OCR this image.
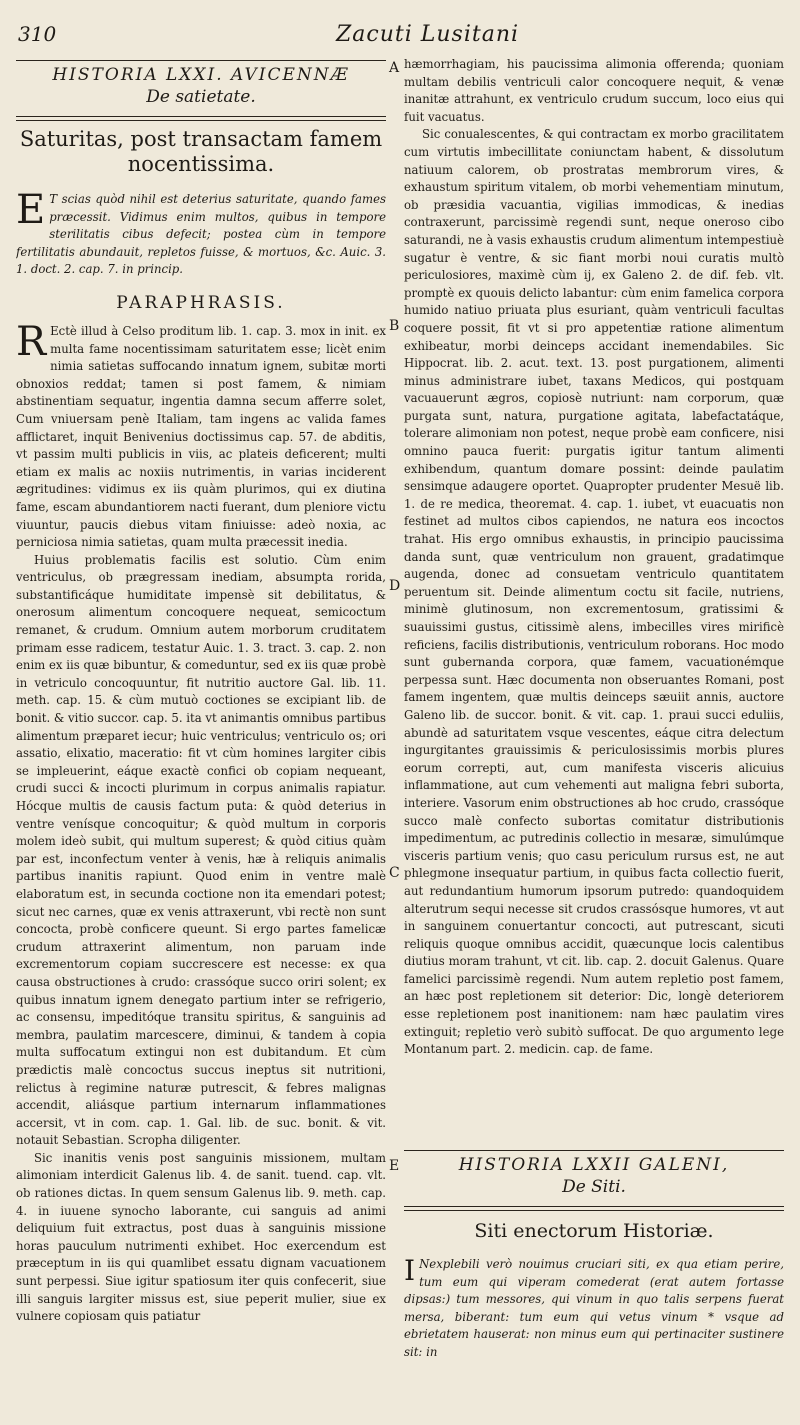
310	Zacuti Lusitani
A
B
D
C
E

HISTORIA LXXI. AVICENNÆ

De satietate.

Saturitas, post transactam famem nocentissima.

E T scias quòd nihil est deterius saturitate, quando fames præcessit. Vidimus enim multos, quibus in tempore sterilitatis cibus defecit; postea cùm in tempore fertilitatis abundauit, repletos fuisse, & mortuos, &c. Auic. 3. 1. doct. 2. cap. 7. in princip.

PARAPHRASIS.

R Ectè illud à Celso proditum lib. 1. cap. 3. mox in init. ex multa fame nocentissimam saturitatem esse; licèt enim nimia satietas suffocando innatum ignem, subitæ morti obnoxios reddat; tamen si post famem, & nimiam abstinentiam sequatur, ingentia damna secum afferre solet, Cum vniuersam penè Italiam, tam ingens ac valida fames afflictaret, inquit Benivenius doctissimus cap. 57. de abditis, vt passim multi publicis in viis, ac plateis deficerent; multi etiam ex malis ac noxiis nutrimentis, in varias inciderent ægritudines: vidimus ex iis quàm plurimos, qui ex diutina fame, escam abundantiorem nacti fuerant, dum pleniore victu viuuntur, paucis diebus vitam finiuisse: adeò noxia, ac perniciosa nimia satietas, quam multa præcessit inedia.

Huius problematis facilis est solutio. Cùm enim ventriculus, ob prægressam inediam, absumpta rorida, substantificáque humiditate impensè sit debilitatus, & onerosum alimentum concoquere nequeat, semicoctum remanet, & crudum. Omnium autem morborum cruditatem primam esse radicem, testatur Auic. 1. 3. tract. 3. cap. 2. non enim ex iis quæ bibuntur, & comeduntur, sed ex iis quæ probè in vetriculo concoquuntur, fit nutritio auctore Gal. lib. 11. meth. cap. 15. & cùm mutuò coctiones se excipiant lib. de bonit. & vitio succor. cap. 5. ita vt animantis omnibus partibus alimentum præparet iecur; huic ventriculus; ventriculo os; ori assatio, elixatio, maceratio: fit vt cùm homines largiter cibis se impleuerint, eáque exactè confici ob copiam nequeant, crudi succi & incocti plurimum in corpus animalis rapiatur. Hócque multis de causis factum puta: & quòd deterius in ventre venísque concoquitur; & quòd multum in corporis molem ideò subit, qui multum superest; & quòd citius quàm par est, inconfectum venter à venis, hæ à reliquis animalis partibus inanitis rapiunt. Quod enim in ventre malè elaboratum est, in secunda coctione non ita emendari potest; sicut nec carnes, quæ ex venis attraxerunt, vbi rectè non sunt concocta, probè conficere queunt. Si ergo partes famelicæ crudum attraxerint alimentum, non paruam inde excrementorum copiam succrescere est necesse: ex qua causa obstructiones à crudo: crassóque succo oriri solent; ex quibus innatum ignem denegato partium inter se refrigerio, ac consensu, impeditóque transitu spiritus, & sanguinis ad membra, paulatim marcescere, diminui, & tandem à copia multa suffocatum extingui non est dubitandum. Et cùm prædictis malè concoctus succus ineptus sit nutritioni, relictus à regimine naturæ putrescit, & febres malignas accendit, aliásque partium internarum inflammationes accersit, vt in com. cap. 1. Gal. lib. de suc. bonit. & vit. notauit Sebastian. Scropha diligenter.

Sic inanitis venis post sanguinis missionem, multam alimoniam interdicit Galenus lib. 4. de sanit. tuend. cap. vlt. ob rationes dictas. In quem sensum Galenus lib. 9. meth. cap. 4. in iuuene synocho laborante, cui sanguis ad animi deliquium fuit extractus, post duas à sanguinis missione horas pauculum nutrimenti exhibet. Hoc exercendum est præceptum in iis qui quamlibet essatu dignam vacuationem sunt perpessi. Siue igitur spatiosum iter quis confecerit, siue illi sanguis largiter missus est, siue peperit mulier, siue ex vulnere copiosam quis patiatur

hæmorrhagiam, his paucissima alimonia offerenda; quoniam multam debilis ventriculi calor concoquere nequit, & venæ inanitæ attrahunt, ex ventriculo crudum succum, loco eius qui fuit vacuatus.

Sic conualescentes, & qui contractam ex morbo gracilitatem cum virtutis imbecillitate coniunctam habent, & dissolutum natiuum calorem, ob prostratas membrorum vires, & exhaustum spiritum vitalem, ob morbi vehementiam minutum, ob præsidia vacuantia, vigilias immodicas, & inedias contraxerunt, parcissimè regendi sunt, neque oneroso cibo saturandi, ne à vasis exhaustis crudum alimentum intempestiuè sugatur è ventre, & sic fiant morbi noui curatis multò periculosiores, maximè cùm ij, ex Galeno 2. de dif. feb. vlt. promptè ex quouis delicto labantur: cùm enim famelica corpora humido natiuo priuata plus esuriant, quàm ventriculi facultas coquere possit, fit vt si pro appetentiæ ratione alimentum exhibeatur, morbi deinceps accidant inemendabiles. Sic Hippocrat. lib. 2. acut. text. 13. post purgationem, alimenti minus administrare iubet, taxans Medicos, qui postquam vacuauerunt ægros, copiosè nutriunt: nam corporum, quæ purgata sunt, natura, purgatione agitata, labefactatáque, tolerare alimoniam non potest, neque probè eam conficere, nisi omnino pauca fuerit: purgatis igitur tantum alimenti exhibendum, quantum domare possint: deinde paulatim sensimque adaugere oportet. Quapropter prudenter Mesuë lib. 1. de re medica, theoremat. 4. cap. 1. iubet, vt euacuatis non festinet ad multos cibos capiendos, ne natura eos incoctos trahat. His ergo omnibus exhaustis, in principio paucissima danda sunt, quæ ventriculum non grauent, gradatimque augenda, donec ad consuetam ventriculo quantitatem peruentum sit. Deinde alimentum coctu sit facile, nutriens, minimè glutinosum, non excrementosum, gratissimi & suauissimi gustus, citissimè alens, imbecilles vires mirificè reficiens, facilis distributionis, ventriculum roborans. Hoc modo sunt gubernanda corpora, quæ famem, vacuationémque perpessa sunt. Hæc documenta non obseruantes Romani, post famem ingentem, quæ multis deinceps sæuiit annis, auctore Galeno lib. de succor. bonit. & vit. cap. 1. praui succi eduliis, abundè ad saturitatem vsque vescentes, eáque citra delectum ingurgitantes grauissimis & periculosissimis morbis plures eorum correpti, aut, cum manifesta visceris alicuius inflammatione, aut cum vehementi aut maligna febri suborta, interiere. Vasorum enim obstructiones ab hoc crudo, crassóque succo malè confecto subortas comitatur distributionis impedimentum, ac putredinis collectio in mesaræ, simulúmque visceris partium venis; quo casu periculum rursus est, ne aut phlegmone insequatur partium, in quibus facta collectio fuerit, aut redundantium humorum ipsorum putredo: quandoquidem alterutrum sequi necesse sit crudos crassósque humores, vt aut in sanguinem conuertantur concocti, aut putrescant, sicuti reliquis quoque omnibus accidit, quæcunque locis calentibus diutius moram trahunt, vt cit. lib. cap. 2. docuit Galenus. Quare famelici parcissimè regendi. Num autem repletio post famem, an hæc post repletionem sit deterior: Dic, longè deteriorem esse repletionem post inanitionem: nam hæc paulatim vires extinguit; repletio verò subitò suffocat. De quo argumento lege Montanum part. 2. medicin. cap. de fame.

HISTORIA LXXII GALENI,

De Siti.

Siti enectorum Historiæ.

I Nexplebili verò nouimus cruciari siti, ex qua etiam perire, tum eum qui viperam comederat (erat autem fortasse dipsas:) tum messores, qui vinum in quo talis serpens fuerat mersa, biberant: tum eum qui vetus vinum * vsque ad ebrietatem hauserat: non minus eum qui pertinaciter sustinere sit: in
